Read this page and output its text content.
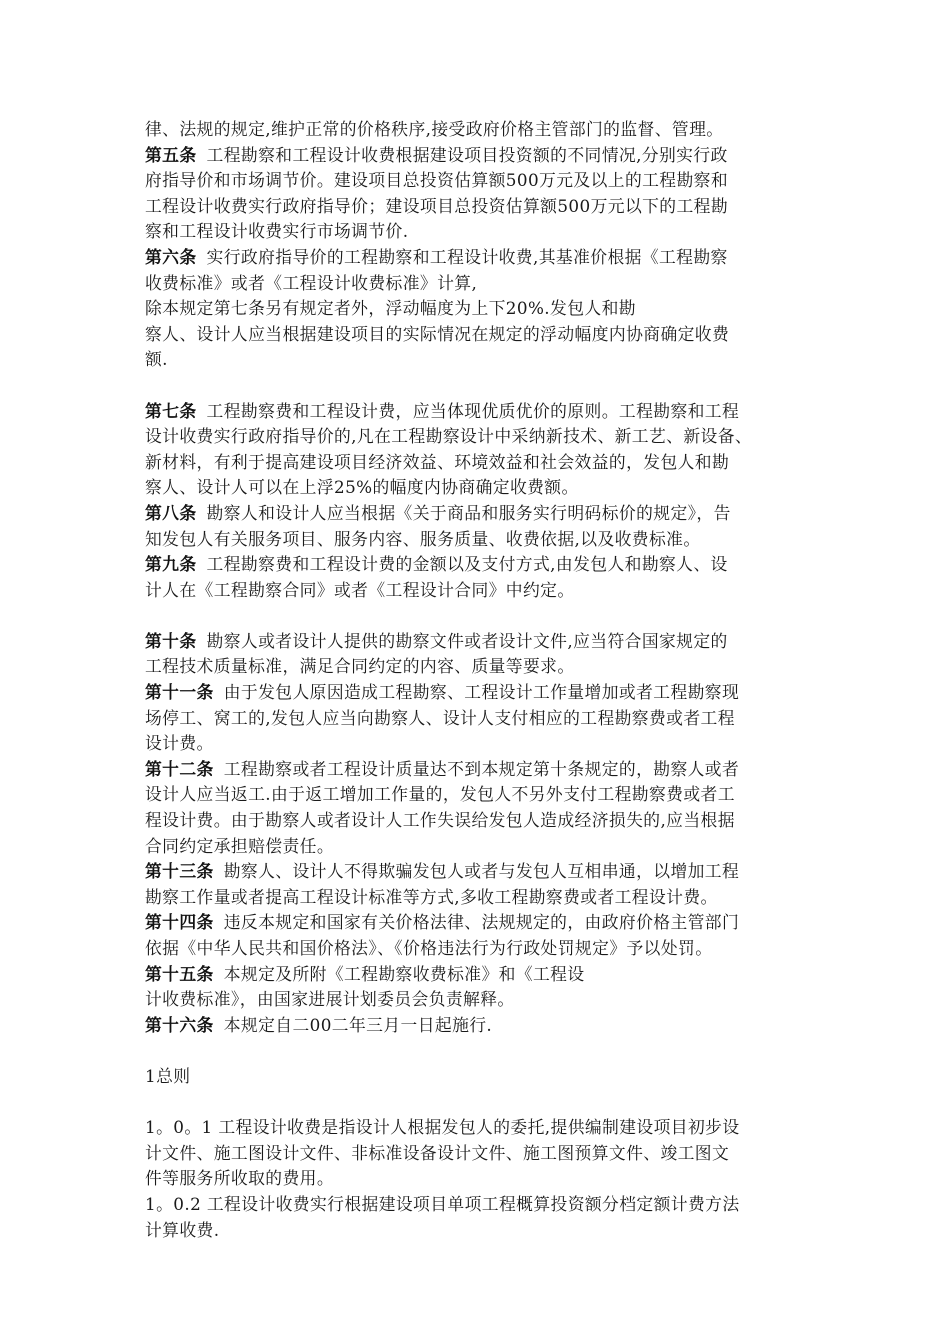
律、法规的规定,维护正常的价格秩序,接受政府价格主管部门的监督、管理。
第五条 工程勘察和工程设计收费根据建设项目投资额的不同情况,分别实行政
府指导价和市场调节价。建设项目总投资估算额500万元及以上的工程勘察和
工程设计收费实行政府指导价；建设项目总投资估算额500万元以下的工程勘
察和工程设计收费实行市场调节价.
第六条 实行政府指导价的工程勘察和工程设计收费,其基准价根据《工程勘察
收费标准》或者《工程设计收费标准》计算,
除本规定第七条另有规定者外，浮动幅度为上下20%.发包人和勘
察人、设计人应当根据建设项目的实际情况在规定的浮动幅度内协商确定收费
额.
第七条 工程勘察费和工程设计费，应当体现优质优价的原则。工程勘察和工程
设计收费实行政府指导价的,凡在工程勘察设计中采纳新技术、新工艺、新设备、
新材料，有利于提高建设项目经济效益、环境效益和社会效益的，发包人和勘
察人、设计人可以在上浮25%的幅度内协商确定收费额。
第八条 勘察人和设计人应当根据《关于商品和服务实行明码标价的规定》，告
知发包人有关服务项目、服务内容、服务质量、收费依据,以及收费标准。
第九条 工程勘察费和工程设计费的金额以及支付方式,由发包人和勘察人、设
计人在《工程勘察合同》或者《工程设计合同》中约定。
第十条 勘察人或者设计人提供的勘察文件或者设计文件,应当符合国家规定的
工程技术质量标准，满足合同约定的内容、质量等要求。
第十一条 由于发包人原因造成工程勘察、工程设计工作量增加或者工程勘察现
场停工、窝工的,发包人应当向勘察人、设计人支付相应的工程勘察费或者工程
设计费。
第十二条 工程勘察或者工程设计质量达不到本规定第十条规定的，勘察人或者
设计人应当返工.由于返工增加工作量的，发包人不另外支付工程勘察费或者工
程设计费。由于勘察人或者设计人工作失误给发包人造成经济损失的,应当根据
合同约定承担赔偿责任。
第十三条 勘察人、设计人不得欺骗发包人或者与发包人互相串通，以增加工程
勘察工作量或者提高工程设计标准等方式,多收工程勘察费或者工程设计费。
第十四条 违反本规定和国家有关价格法律、法规规定的，由政府价格主管部门
依据《中华人民共和国价格法》、《价格违法行为行政处罚规定》予以处罚。
第十五条 本规定及所附《工程勘察收费标准》和《工程设
计收费标准》，由国家进展计划委员会负责解释。
第十六条 本规定自二00二年三月一日起施行.
1总则
1。0。1 工程设计收费是指设计人根据发包人的委托,提供编制建设项目初步设
计文件、施工图设计文件、非标准设备设计文件、施工图预算文件、竣工图文
件等服务所收取的费用。
1。0.2 工程设计收费实行根据建设项目单项工程概算投资额分档定额计费方法
计算收费.
